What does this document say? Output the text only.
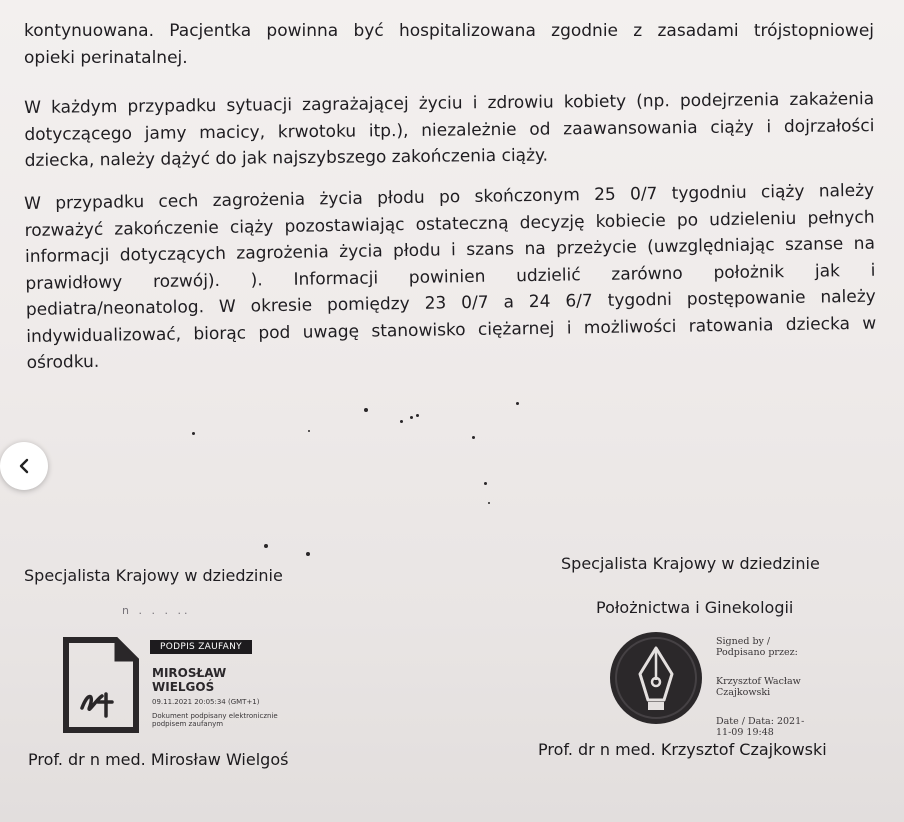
kontynuowana. Pacjentka powinna być hospitalizowana zgodnie z zasadami trójstopniowej
opieki perinatalnej.
W każdym przypadku sytuacji zagrażającej życiu i zdrowiu kobiety (np. podejrzenia zakażenia
dotyczącego jamy macicy, krwotoku itp.), niezależnie od zaawansowania ciąży i dojrzałości
dziecka, należy dążyć do jak najszybszego zakończenia ciąży.
W przypadku cech zagrożenia życia płodu po skończonym 25 0/7 tygodniu ciąży należy
rozważyć zakończenie ciąży pozostawiając ostateczną decyzję kobiecie po udzieleniu pełnych
informacji dotyczących zagrożenia życia płodu i szans na przeżycie (uwzględniając szanse na
prawidłowy rozwój). ). Informacji powinien udzielić zarówno położnik jak i
pediatra/neonatolog. W okresie pomiędzy 23 0/7 a 24 6/7 tygodni postępowanie należy
indywidualizować, biorąc pod uwagę stanowisko ciężarnej i możliwości ratowania dziecka w
ośrodku.
Specjalista Krajowy w dziedzinie
n . . . ..
PODPIS ZAUFANY
MIROSŁAW
WIELGOŚ
09.11.2021 20:05:34 (GMT+1)
Dokument podpisany elektronicznie
podpisem zaufanym
Prof. dr n med. Mirosław Wielgoś
Specjalista Krajowy w dziedzinie
Położnictwa i Ginekologii
Signed by /
Podpisano przez:
Krzysztof Wacław
Czajkowski
Date / Data: 2021-
11-09 19:48
Prof. dr n med. Krzysztof Czajkowski
